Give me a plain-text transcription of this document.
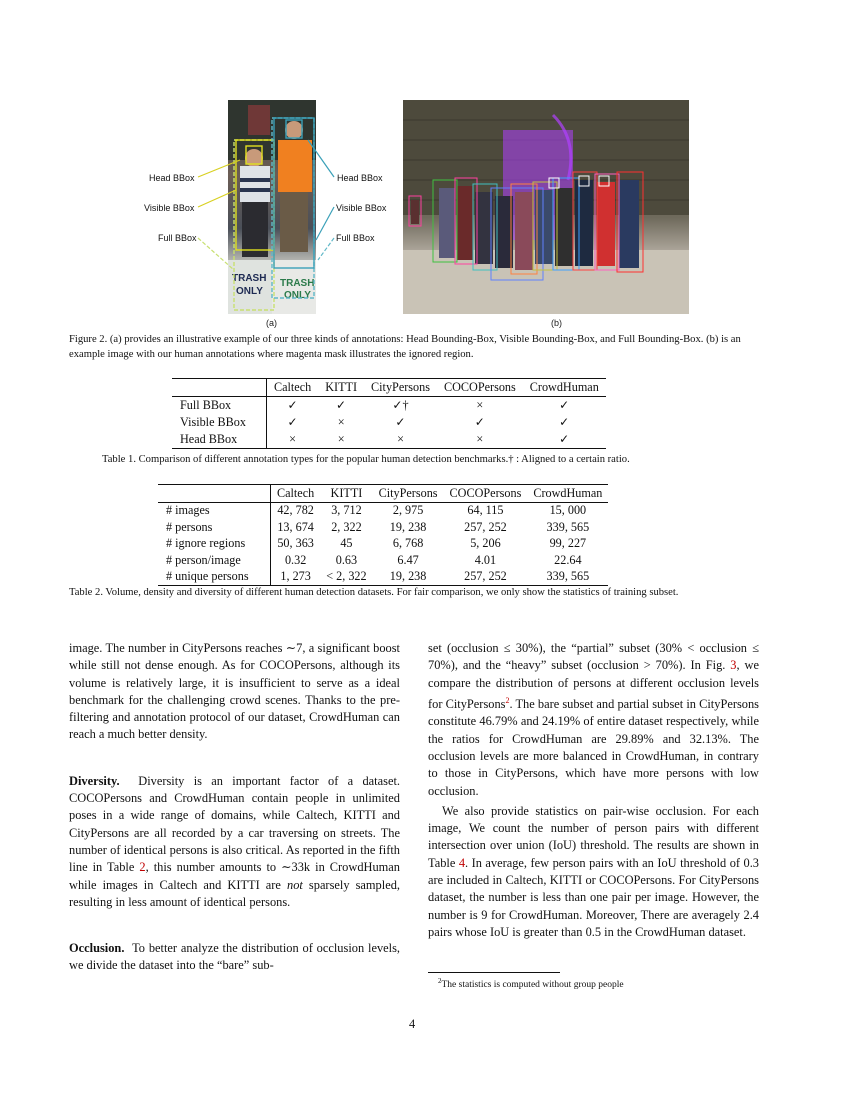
TRASH
ONLY
TRASH
ONLY
Head BBox
Visible BBox
Full BBox
Head BBox
Visible BBox
Full BBox
(a)	(b)
Figure 2. (a) provides an illustrative example of our three kinds of annotations: Head Bounding-Box, Visible Bounding-Box, and Full Bounding-Box. (b) is an example image with our human annotations where magenta mask illustrates the ignored region.
	Caltech	KITTI	CityPersons	COCOPersons	CrowdHuman
Full BBox	✓	✓	✓†	×	✓
Visible BBox	✓	×	✓	✓	✓
Head BBox	×	×	×	×	✓
Table 1. Comparison of different annotation types for the popular human detection benchmarks.† : Aligned to a certain ratio.
	Caltech	KITTI	CityPersons	COCOPersons	CrowdHuman
# images	42, 782	3, 712	2, 975	64, 115	15, 000
# persons	13, 674	2, 322	19, 238	257, 252	339, 565
# ignore regions	50, 363	45	6, 768	5, 206	99, 227
# person/image	0.32	0.63	6.47	4.01	22.64
# unique persons	1, 273	< 2, 322	19, 238	257, 252	339, 565
Table 2. Volume, density and diversity of different human detection datasets. For fair comparison, we only show the statistics of training subset.

image. The number in CityPersons reaches ∼7, a significant boost while still not dense enough. As for COCOPersons, although its volume is relatively large, it is insufficient to serve as a ideal benchmark for the challenging crowd scenes. Thanks to the pre-filtering and annotation protocol of our dataset, CrowdHuman can reach a much better density.

Diversity. Diversity is an important factor of a dataset. COCOPersons and CrowdHuman contain people in unlimited poses in a wide range of domains, while Caltech, KITTI and CityPersons are all recorded by a car traversing on streets. The number of identical persons is also critical. As reported in the fifth line in Table 2, this number amounts to ∼33k in CrowdHuman while images in Caltech and KITTI are not sparsely sampled, resulting in less amount of identical persons.

Occlusion. To better analyze the distribution of occlusion levels, we divide the dataset into the “bare” sub-

set (occlusion ≤ 30%), the “partial” subset (30% < occlusion ≤ 70%), and the “heavy” subset (occlusion > 70%). In Fig. 3, we compare the distribution of persons at different occlusion levels for CityPersons$^2$. The bare subset and partial subset in CityPersons constitute 46.79% and 24.19% of entire dataset respectively, while the ratios for CrowdHuman are 29.89% and 32.13%. The occlusion levels are more balanced in CrowdHuman, in contrary to those in CityPersons, which have more persons with low occlusion.

We also provide statistics on pair-wise occlusion. For each image, We count the number of person pairs with different intersection over union (IoU) threshold. The results are shown in Table 4. In average, few person pairs with an IoU threshold of 0.3 are included in Caltech, KITTI or COCOPersons. For CityPersons dataset, the number is less than one pair per image. However, the number is 9 for CrowdHuman. Moreover, There are averagely 2.4 pairs whose IoU is greater than 0.5 in the CrowdHuman dataset.

$^2$The statistics is computed without group people
4
